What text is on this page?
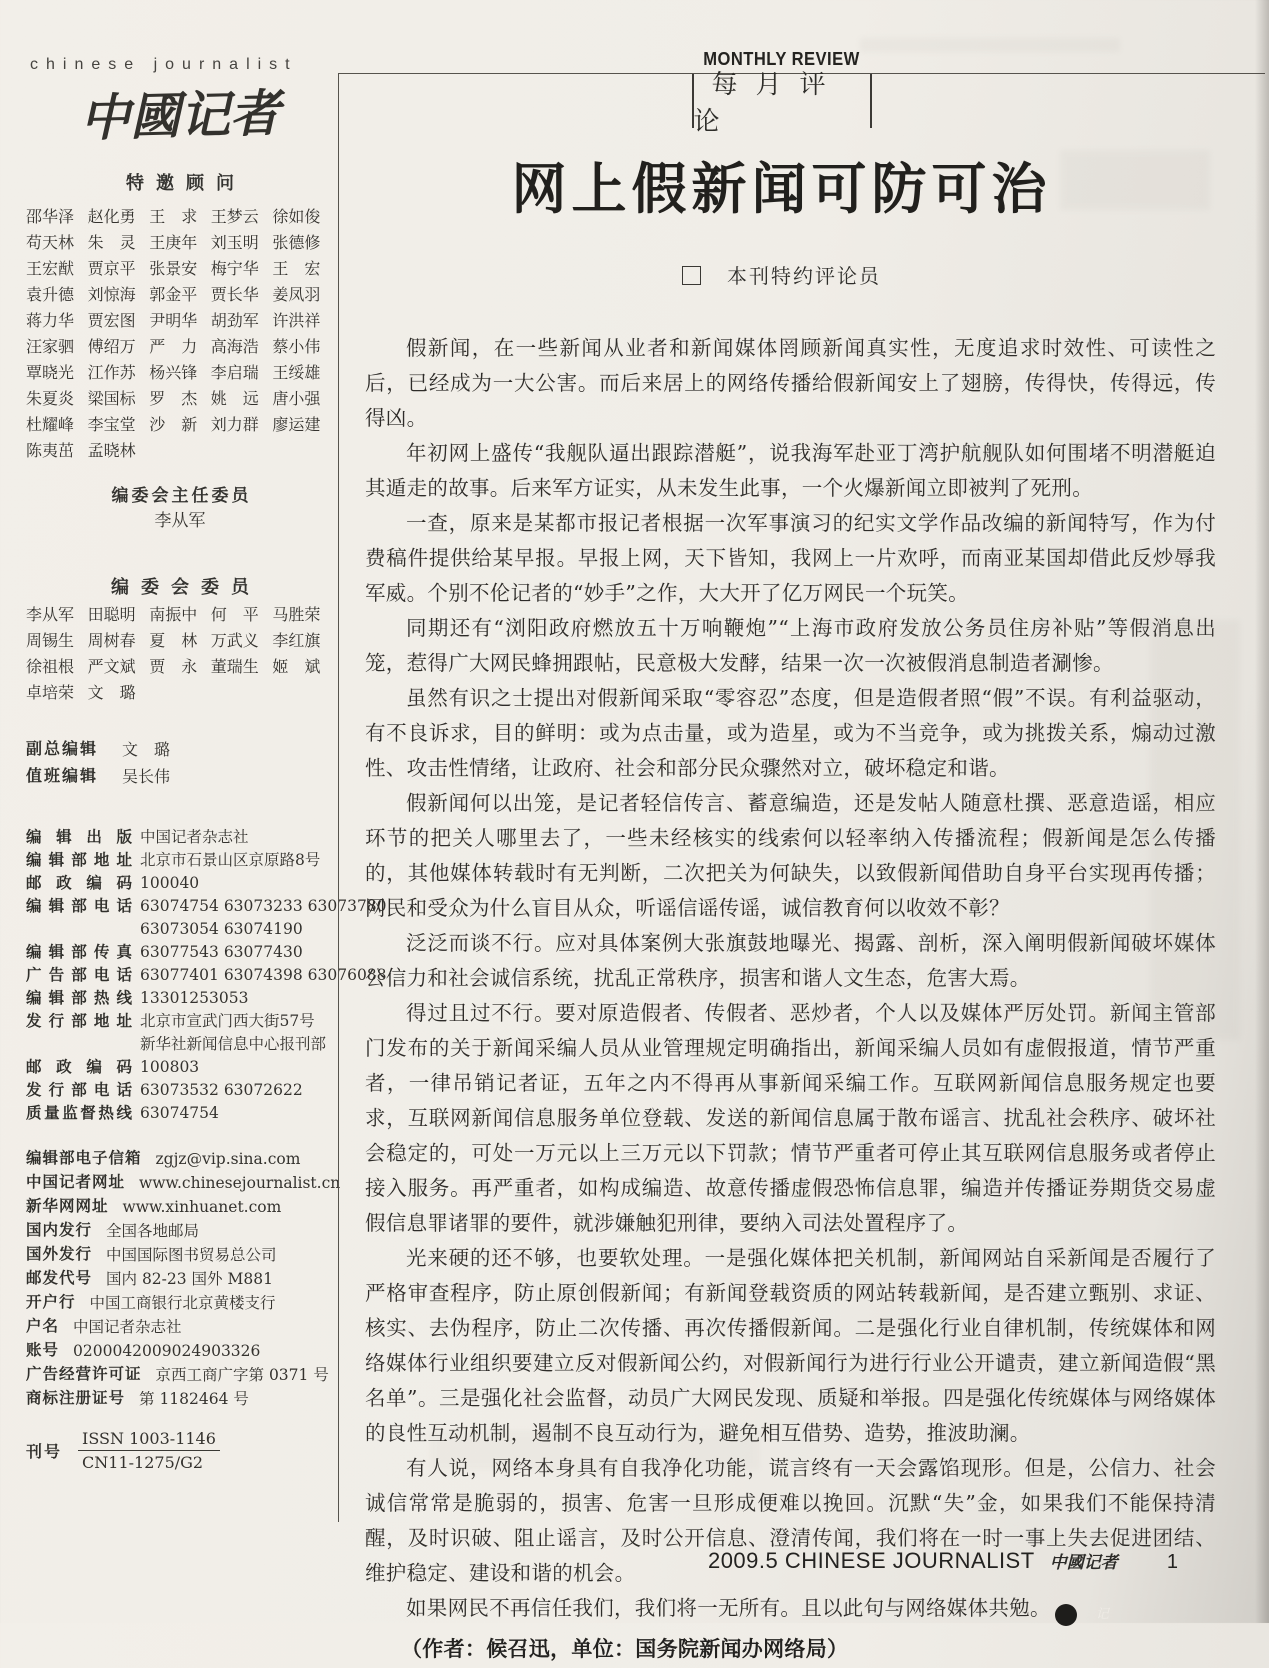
chinese journalist
中國记者
特邀顾问
邵华泽 赵化勇 王　求 王梦云 徐如俊
苟天林 朱　灵 王庚年 刘玉明 张德修
王宏猷 贾京平 张景安 梅宁华 王　宏
袁升德 刘惊海 郭金平 贾长华 姜凤羽
蒋力华 贾宏图 尹明华 胡劲军 许洪祥
汪家驷 傅绍万 严　力 高海浩 蔡小伟
覃晓光 江作苏 杨兴锋 李启瑞 王绥雄
朱夏炎 梁国标 罗　杰 姚　远 唐小强
杜耀峰 李宝堂 沙　新 刘力群 廖运建
陈夷茁 孟晓林
编委会主任委员
李从军
编委会委员
李从军 田聪明 南振中 何　平 马胜荣
周锡生 周树春 夏　林 万武义 李红旗
徐祖根 严文斌 贾　永 董瑞生 姬　斌
卓培荣 文　璐
副总编辑	文　璐
值班编辑	吴长伟
编辑出版 中国记者杂志社
编辑部地址 北京市石景山区京原路8号
邮政编码 100040
编辑部电话 63074754 63073233 63073780
63073054 63074190
编辑部传真 63077543 63077430
广告部电话 63077401 63074398 63076088
编辑部热线 13301253053
发行部地址 北京市宣武门西大街57号
新华社新闻信息中心报刊部
邮政编码 100803
发行部电话 63073532 63072622
质量监督热线 63074754
编辑部电子信箱 zgjz@vip.sina.com
中国记者网址 www.chinesejournalist.cn
新华网网址 www.xinhuanet.com
国内发行 全国各地邮局
国外发行 中国国际图书贸易总公司
邮发代号 国内 82-23 国外 M881
开户行 中国工商银行北京黄楼支行
户名 中国记者杂志社
账号 0200042009024903326
广告经营许可证 京西工商广字第 0371 号
商标注册证号 第 1182464 号
刊号
ISSN 1003-1146
CN11-1275/G2
MONTHLY REVIEW
每月评论
网上假新闻可防可治
本刊特约评论员

假新闻，在一些新闻从业者和新闻媒体罔顾新闻真实性，无度追求时效性、可读性之后，已经成为一大公害。而后来居上的网络传播给假新闻安上了翅膀，传得快，传得远，传得凶。

年初网上盛传“我舰队逼出跟踪潜艇”，说我海军赴亚丁湾护航舰队如何围堵不明潜艇迫其遁走的故事。后来军方证实，从未发生此事，一个火爆新闻立即被判了死刑。

一查，原来是某都市报记者根据一次军事演习的纪实文学作品改编的新闻特写，作为付费稿件提供给某早报。早报上网，天下皆知，我网上一片欢呼，而南亚某国却借此反炒辱我军威。个别不伦记者的“妙手”之作，大大开了亿万网民一个玩笑。

同期还有“浏阳政府燃放五十万响鞭炮”“上海市政府发放公务员住房补贴”等假消息出笼，惹得广大网民蜂拥跟帖，民意极大发酵，结果一次一次被假消息制造者涮惨。

虽然有识之士提出对假新闻采取“零容忍”态度，但是造假者照“假”不误。有利益驱动，有不良诉求，目的鲜明：或为点击量，或为造星，或为不当竞争，或为挑拨关系，煽动过激性、攻击性情绪，让政府、社会和部分民众骤然对立，破坏稳定和谐。

假新闻何以出笼，是记者轻信传言、蓄意编造，还是发帖人随意杜撰、恶意造谣，相应环节的把关人哪里去了，一些未经核实的线索何以轻率纳入传播流程；假新闻是怎么传播的，其他媒体转载时有无判断，二次把关为何缺失，以致假新闻借助自身平台实现再传播；网民和受众为什么盲目从众，听谣信谣传谣，诚信教育何以收效不彰？

泛泛而谈不行。应对具体案例大张旗鼓地曝光、揭露、剖析，深入阐明假新闻破坏媒体公信力和社会诚信系统，扰乱正常秩序，损害和谐人文生态，危害大焉。

得过且过不行。要对原造假者、传假者、恶炒者，个人以及媒体严厉处罚。新闻主管部门发布的关于新闻采编人员从业管理规定明确指出，新闻采编人员如有虚假报道，情节严重者，一律吊销记者证，五年之内不得再从事新闻采编工作。互联网新闻信息服务规定也要求，互联网新闻信息服务单位登载、发送的新闻信息属于散布谣言、扰乱社会秩序、破坏社会稳定的，可处一万元以上三万元以下罚款；情节严重者可停止其互联网信息服务或者停止接入服务。再严重者，如构成编造、故意传播虚假恐怖信息罪，编造并传播证券期货交易虚假信息罪诸罪的要件，就涉嫌触犯刑律，要纳入司法处置程序了。

光来硬的还不够，也要软处理。一是强化媒体把关机制，新闻网站自采新闻是否履行了严格审查程序，防止原创假新闻；有新闻登载资质的网站转载新闻，是否建立甄别、求证、核实、去伪程序，防止二次传播、再次传播假新闻。二是强化行业自律机制，传统媒体和网络媒体行业组织要建立反对假新闻公约，对假新闻行为进行行业公开谴责，建立新闻造假“黑名单”。三是强化社会监督，动员广大网民发现、质疑和举报。四是强化传统媒体与网络媒体的良性互动机制，遏制不良互动行为，避免相互借势、造势，推波助澜。

有人说，网络本身具有自我净化功能，谎言终有一天会露馅现形。但是，公信力、社会诚信常常是脆弱的，损害、危害一旦形成便难以挽回。沉默“失”金，如果我们不能保持清醒，及时识破、阻止谣言，及时公开信息、澄清传闻，我们将在一时一事上失去促进团结、维护稳定、建设和谐的机会。

如果网民不再信任我们，我们将一无所有。且以此句与网络媒体共勉。	记

（作者：候召迅，单位：国务院新闻办网络局）

2009.5 CHINESE JOURNALIST 中國记者 1
